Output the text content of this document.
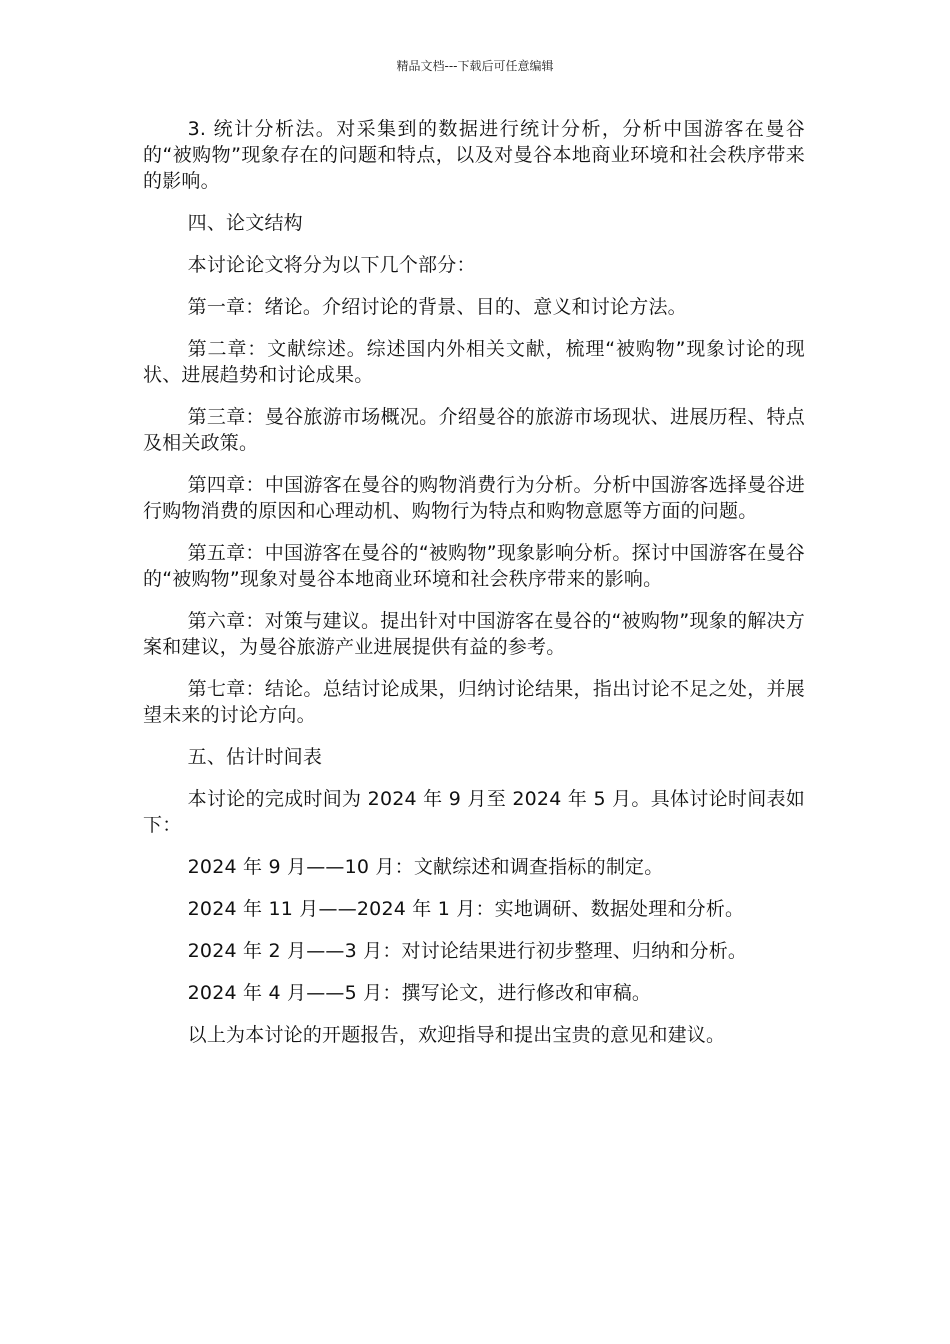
精品文档---下载后可任意编辑

3. 统计分析法。对采集到的数据进行统计分析，分析中国游客在曼谷的“被购物”现象存在的问题和特点，以及对曼谷本地商业环境和社会秩序带来的影响。

四、论文结构

本讨论论文将分为以下几个部分：

第一章：绪论。介绍讨论的背景、目的、意义和讨论方法。

第二章：文献综述。综述国内外相关文献，梳理“被购物”现象讨论的现状、进展趋势和讨论成果。

第三章：曼谷旅游市场概况。介绍曼谷的旅游市场现状、进展历程、特点及相关政策。

第四章：中国游客在曼谷的购物消费行为分析。分析中国游客选择曼谷进行购物消费的原因和心理动机、购物行为特点和购物意愿等方面的问题。

第五章：中国游客在曼谷的“被购物”现象影响分析。探讨中国游客在曼谷的“被购物”现象对曼谷本地商业环境和社会秩序带来的影响。

第六章：对策与建议。提出针对中国游客在曼谷的“被购物”现象的解决方案和建议，为曼谷旅游产业进展提供有益的参考。

第七章：结论。总结讨论成果，归纳讨论结果，指出讨论不足之处，并展望未来的讨论方向。

五、估计时间表

本讨论的完成时间为 2024 年 9 月至 2024 年 5 月。具体讨论时间表如下：

2024 年 9 月——10 月：文献综述和调查指标的制定。

2024 年 11 月——2024 年 1 月：实地调研、数据处理和分析。

2024 年 2 月——3 月：对讨论结果进行初步整理、归纳和分析。

2024 年 4 月——5 月：撰写论文，进行修改和审稿。

以上为本讨论的开题报告，欢迎指导和提出宝贵的意见和建议。
